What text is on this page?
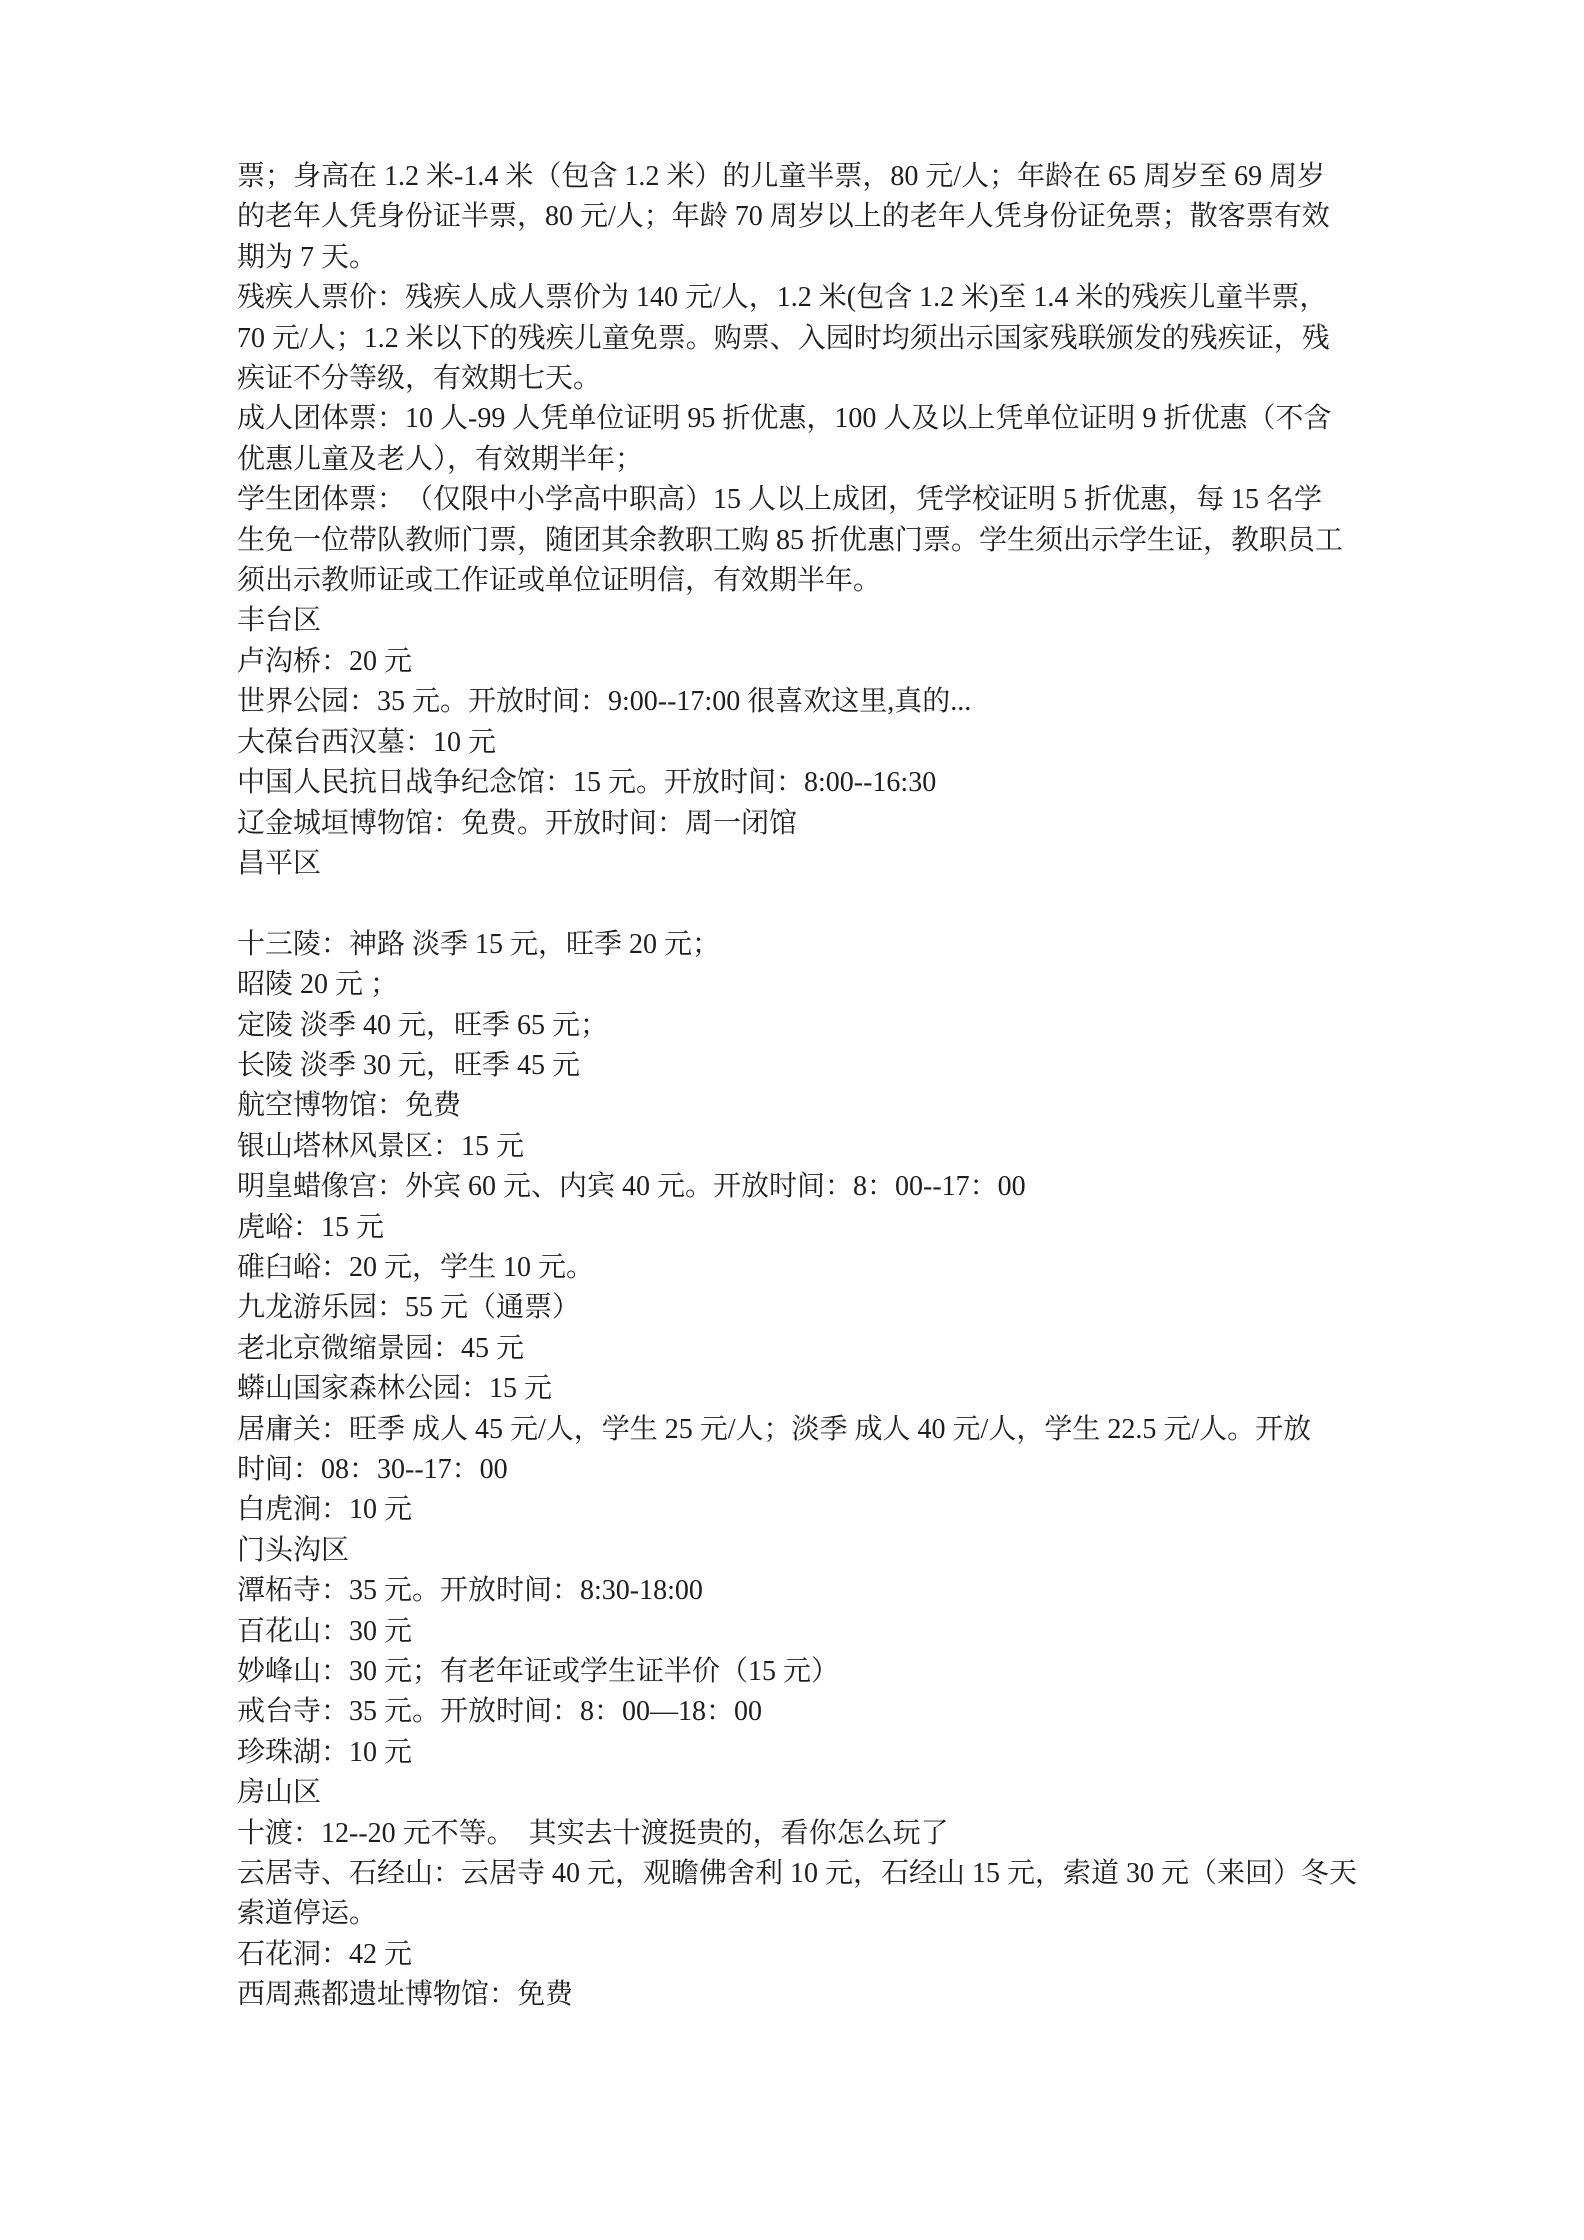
票；身高在 1.2 米-1.4 米（包含 1.2 米）的儿童半票，80 元/人；年龄在 65 周岁至 69 周岁

的老年人凭身份证半票，80 元/人；年龄 70 周岁以上的老年人凭身份证免票；散客票有效

期为 7 天。

残疾人票价：残疾人成人票价为 140 元/人，1.2 米(包含 1.2 米)至 1.4 米的残疾儿童半票，

70 元/人；1.2 米以下的残疾儿童免票。购票、入园时均须出示国家残联颁发的残疾证，残

疾证不分等级，有效期七天。

成人团体票：10 人-99 人凭单位证明 95 折优惠，100 人及以上凭单位证明 9 折优惠（不含

优惠儿童及老人），有效期半年；

学生团体票：　（仅限中小学高中职高）15 人以上成团，凭学校证明 5 折优惠，每 15 名学

生免一位带队教师门票，随团其余教职工购 85 折优惠门票。学生须出示学生证，教职员工

须出示教师证或工作证或单位证明信，有效期半年。

丰台区

卢沟桥：20 元

世界公园：35 元。开放时间：9:00--17:00 很喜欢这里,真的...

大葆台西汉墓：10 元

中国人民抗日战争纪念馆：15 元。开放时间：8:00--16:30

辽金城垣博物馆：免费。开放时间：周一闭馆

昌平区

十三陵：神路 淡季 15 元，旺季 20 元；

昭陵 20 元 ；

定陵 淡季 40 元，旺季 65 元；

长陵 淡季 30 元，旺季 45 元

航空博物馆：免费

银山塔林风景区：15 元

明皇蜡像宫：外宾 60 元、内宾 40 元。开放时间：8：00--17：00

虎峪：15 元

碓臼峪：20 元，学生 10 元。

九龙游乐园：55 元（通票）

老北京微缩景园：45 元

蟒山国家森林公园：15 元

居庸关：旺季 成人 45 元/人，学生 25 元/人；淡季 成人 40 元/人，学生 22.5 元/人。开放

时间：08：30--17：00

白虎涧：10 元

门头沟区

潭柘寺：35 元。开放时间：8:30-18:00

百花山：30 元

妙峰山：30 元；有老年证或学生证半价（15 元）

戒台寺：35 元。开放时间：8：00—18：00

珍珠湖：10 元

房山区

十渡：12--20 元不等。　其实去十渡挺贵的，看你怎么玩了

云居寺、石经山：云居寺 40 元，观瞻佛舍利 10 元，石经山 15 元，索道 30 元（来回）冬天

索道停运。

石花洞：42 元

西周燕都遗址博物馆：免费
